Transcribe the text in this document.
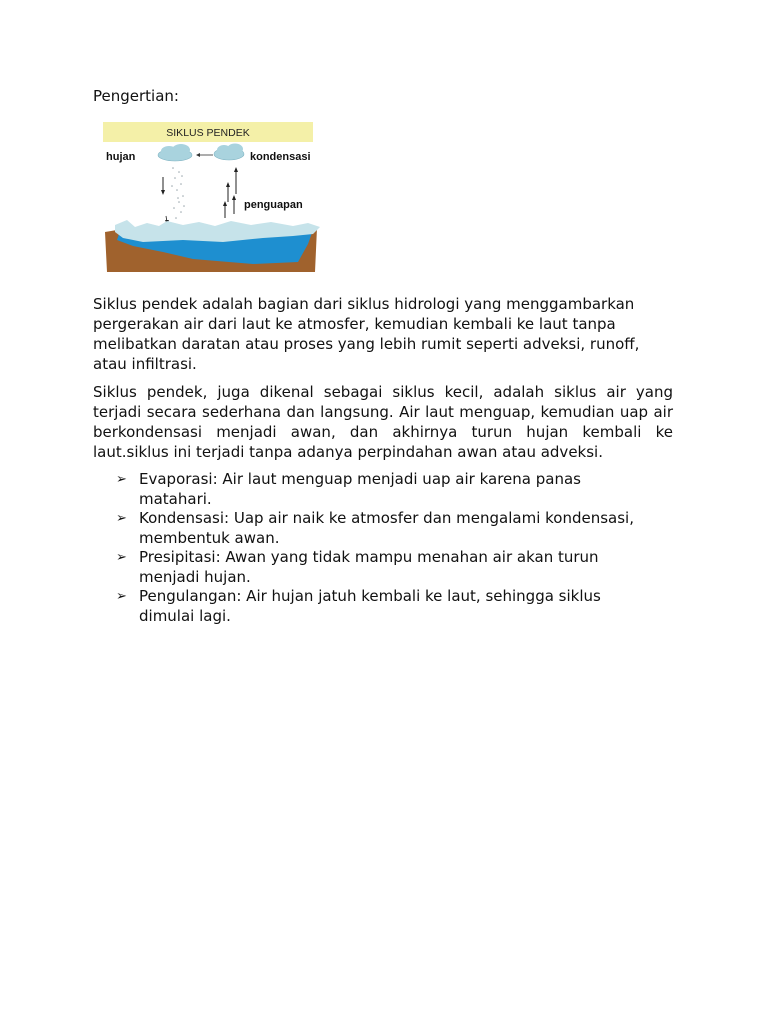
Pengertian:
SIKLUS PENDEK
hujan	kondensasi
penguapan

Siklus pendek adalah bagian dari siklus hidrologi yang menggambarkan pergerakan air dari laut ke atmosfer, kemudian kembali ke laut tanpa melibatkan daratan atau proses yang lebih rumit seperti adveksi, runoff, atau infiltrasi.

Siklus pendek, juga dikenal sebagai siklus kecil, adalah siklus air yang terjadi secara sederhana dan langsung. Air laut menguap, kemudian uap air berkondensasi menjadi awan, dan akhirnya turun hujan kembali ke laut.siklus ini terjadi tanpa adanya perpindahan awan atau adveksi.

➢ Evaporasi: Air laut menguap menjadi uap air karena panas matahari.
➢ Kondensasi: Uap air naik ke atmosfer dan mengalami kondensasi, membentuk awan.
➢ Presipitasi: Awan yang tidak mampu menahan air akan turun menjadi hujan.
➢ Pengulangan: Air hujan jatuh kembali ke laut, sehingga siklus dimulai lagi.
